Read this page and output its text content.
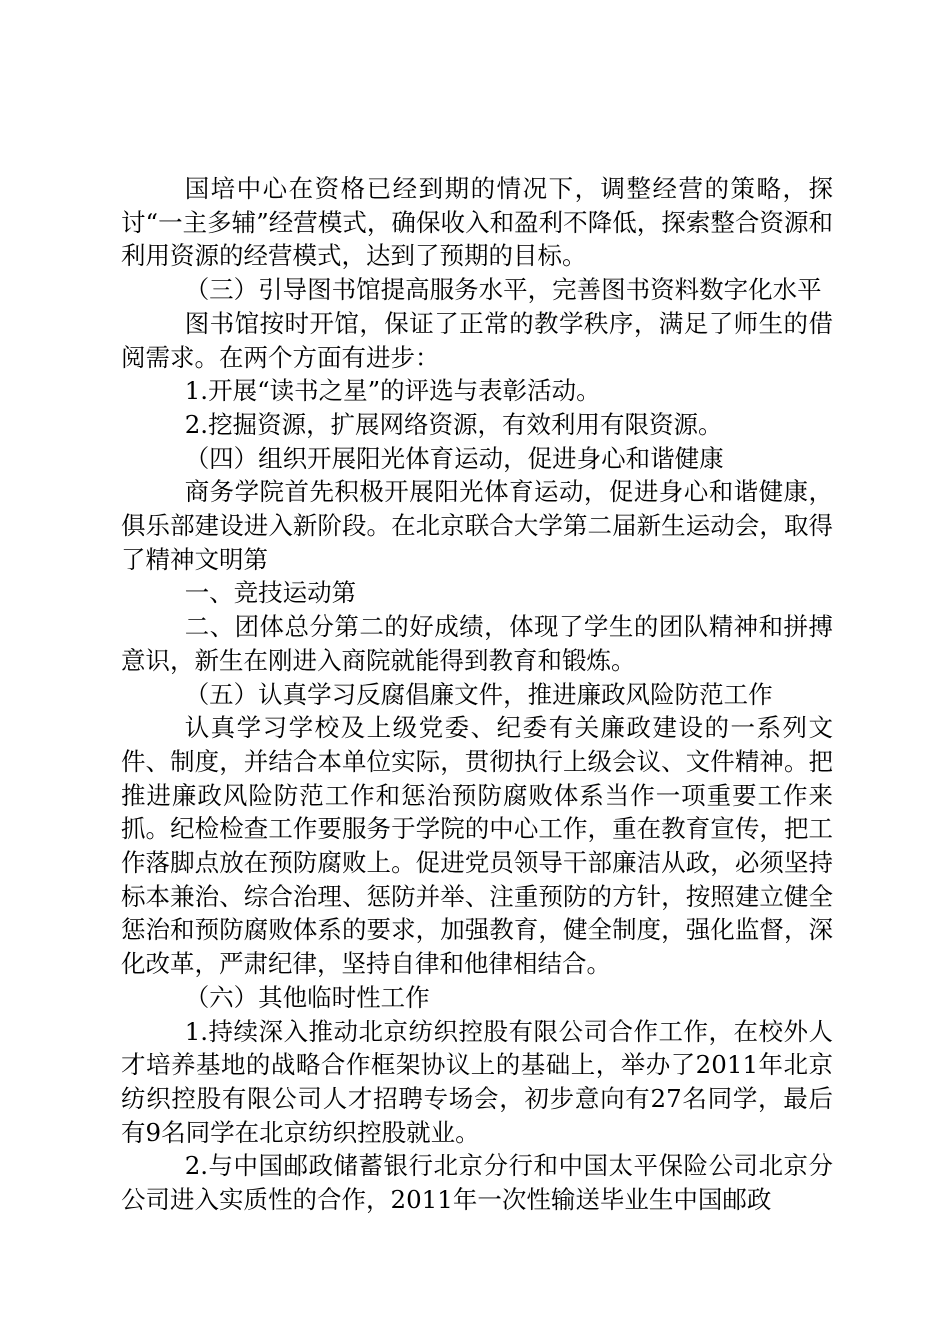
国培中心在资格已经到期的情况下，调整经营的策略，探讨“一主多辅”经营模式，确保收入和盈利不降低，探索整合资源和利用资源的经营模式，达到了预期的目标。

（三）引导图书馆提高服务水平，完善图书资料数字化水平

图书馆按时开馆，保证了正常的教学秩序，满足了师生的借阅需求。在两个方面有进步：

1.开展“读书之星”的评选与表彰活动。

2.挖掘资源，扩展网络资源，有效利用有限资源。

（四）组织开展阳光体育运动，促进身心和谐健康

商务学院首先积极开展阳光体育运动，促进身心和谐健康，俱乐部建设进入新阶段。在北京联合大学第二届新生运动会，取得了精神文明第

一、竞技运动第

二、团体总分第二的好成绩，体现了学生的团队精神和拼搏意识，新生在刚进入商院就能得到教育和锻炼。

（五）认真学习反腐倡廉文件，推进廉政风险防范工作

认真学习学校及上级党委、纪委有关廉政建设的一系列文件、制度，并结合本单位实际，贯彻执行上级会议、文件精神。把推进廉政风险防范工作和惩治预防腐败体系当作一项重要工作来抓。纪检检查工作要服务于学院的中心工作，重在教育宣传，把工作落脚点放在预防腐败上。促进党员领导干部廉洁从政，必须坚持标本兼治、综合治理、惩防并举、注重预防的方针，按照建立健全惩治和预防腐败体系的要求，加强教育，健全制度，强化监督，深化改革，严肃纪律，坚持自律和他律相结合。

（六）其他临时性工作

1.持续深入推动北京纺织控股有限公司合作工作，在校外人才培养基地的战略合作框架协议上的基础上，举办了2011年北京纺织控股有限公司人才招聘专场会，初步意向有27名同学，最后有9名同学在北京纺织控股就业。

2.与中国邮政储蓄银行北京分行和中国太平保险公司北京分公司进入实质性的合作，2011年一次性输送毕业生中国邮政
